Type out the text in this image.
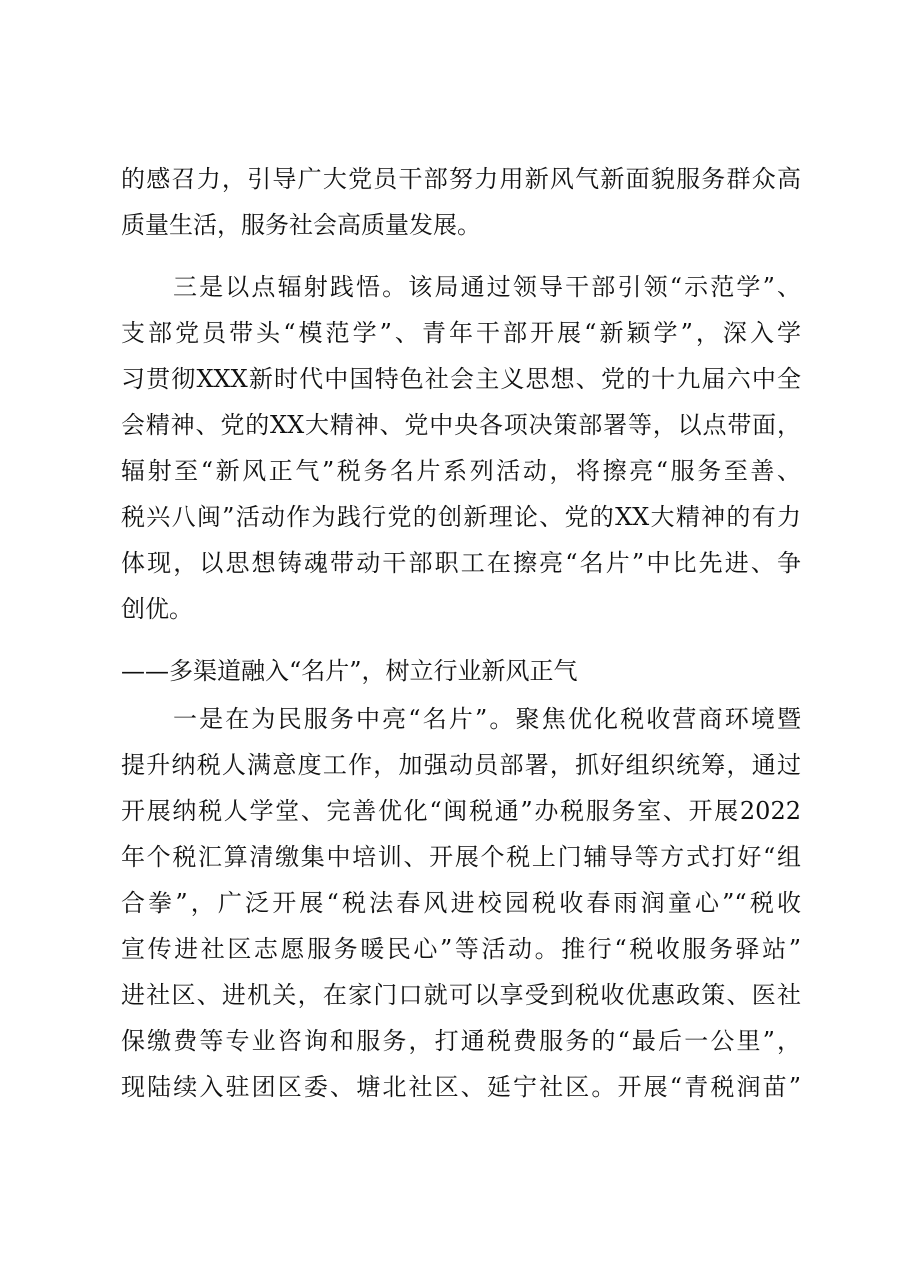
的感召力，引导广大党员干部努力用新风气新面貌服务群众高
质量生活，服务社会高质量发展。
三是以点辐射践悟。该局通过领导干部引领“示范学”、
支部党员带头“模范学”、青年干部开展“新颖学”，深入学
习贯彻XXX新时代中国特色社会主义思想、党的十九届六中全
会精神、党的XX大精神、党中央各项决策部署等，以点带面，
辐射至“新风正气”税务名片系列活动，将擦亮“服务至善、
税兴八闽”活动作为践行党的创新理论、党的XX大精神的有力
体现，以思想铸魂带动干部职工在擦亮“名片”中比先进、争
创优。
——多渠道融入“名片”，树立行业新风正气
一是在为民服务中亮“名片”。聚焦优化税收营商环境暨
提升纳税人满意度工作，加强动员部署，抓好组织统筹，通过
开展纳税人学堂、完善优化“闽税通”办税服务室、开展2022
年个税汇算清缴集中培训、开展个税上门辅导等方式打好“组
合拳”，广泛开展“税法春风进校园税收春雨润童心”“税收
宣传进社区志愿服务暖民心”等活动。推行“税收服务驿站”
进社区、进机关，在家门口就可以享受到税收优惠政策、医社
保缴费等专业咨询和服务，打通税费服务的“最后一公里”，
现陆续入驻团区委、塘北社区、延宁社区。开展“青税润苗”
